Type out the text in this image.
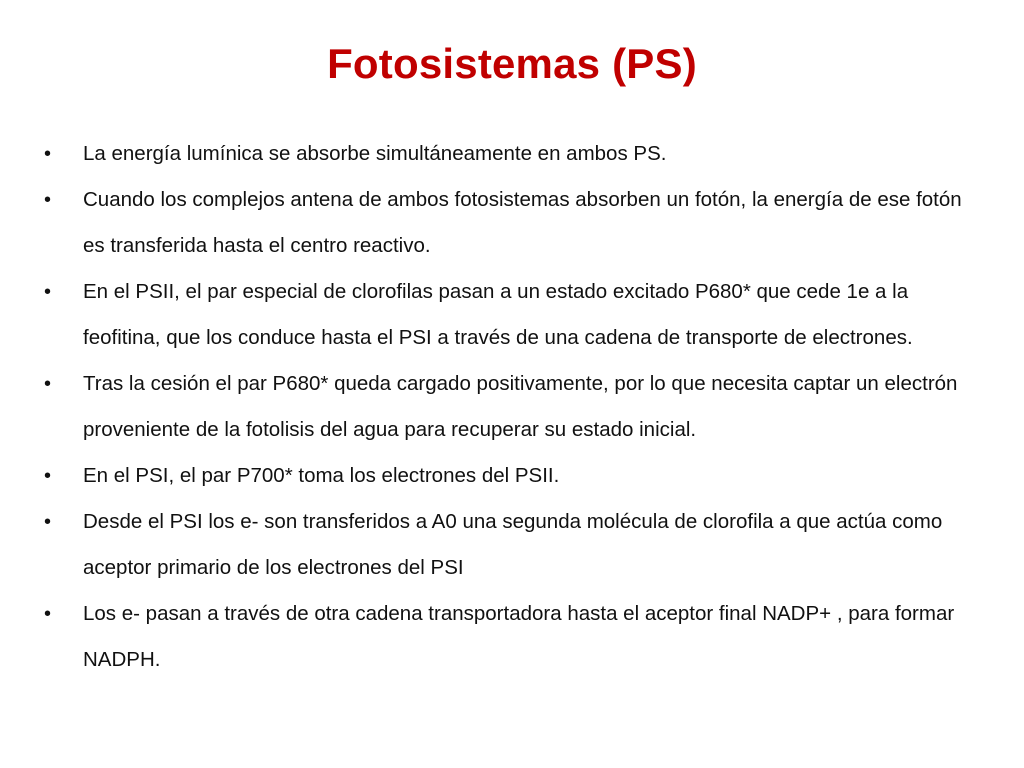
Fotosistemas (PS)
• La energía lumínica se absorbe simultáneamente en ambos PS.
• Cuando los complejos antena de ambos fotosistemas absorben un fotón, la energía de ese fotón es transferida hasta el centro reactivo.
• En el PSII, el par especial de clorofilas pasan a un estado excitado P680* que cede 1e a la feofitina, que los conduce hasta el PSI a través de una cadena de transporte de electrones.
• Tras la cesión el par P680* queda cargado positivamente, por lo que necesita captar un electrón proveniente de la fotolisis del agua para recuperar su estado inicial.
• En el PSI, el par P700* toma los electrones del PSII.
• Desde el PSI los e- son transferidos a A0 una segunda molécula de clorofila a que actúa como aceptor primario de los electrones del PSI
• Los e- pasan a través de otra cadena transportadora hasta el aceptor final NADP+ , para formar NADPH.
